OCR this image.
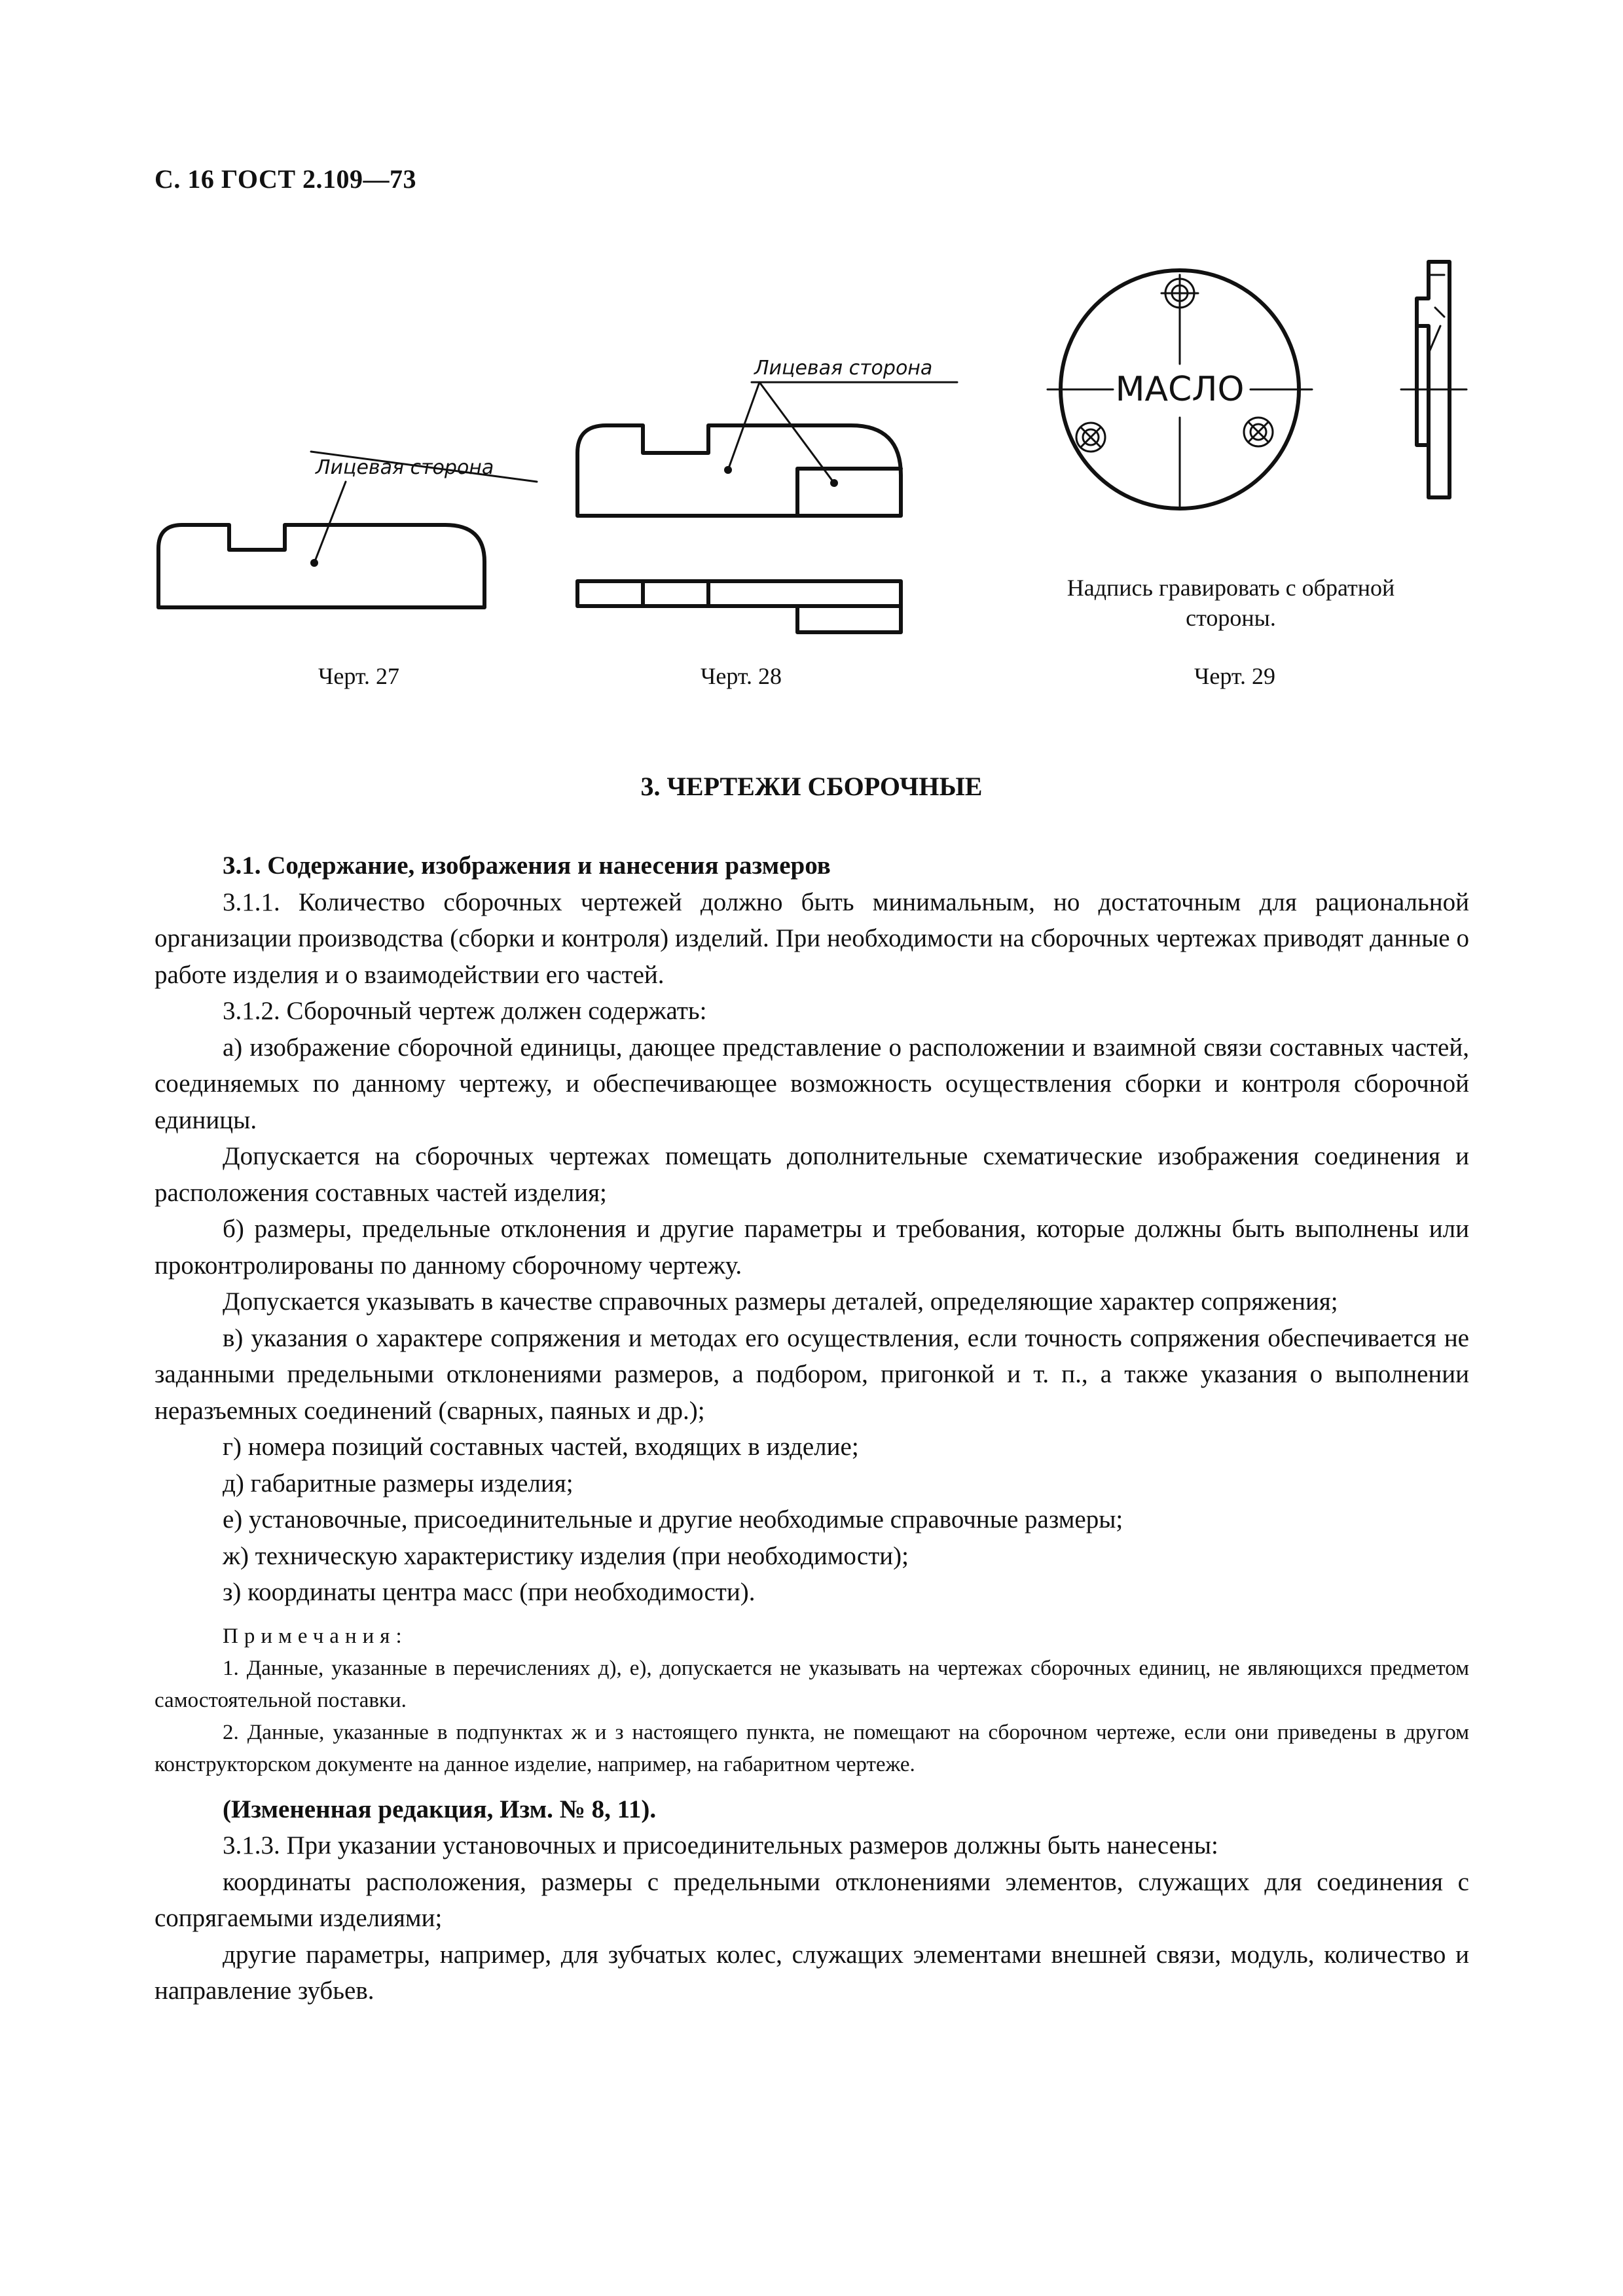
С. 16 ГОСТ 2.109—73
Лицевая сторона
Черт. 27
Лицевая сторона
Черт. 28
МАСЛО
Надпись гравировать с обратной стороны.
Черт. 29
3. ЧЕРТЕЖИ СБОРОЧНЫЕ

3.1. Содержание, изображения и нанесения размеров

3.1.1. Количество сборочных чертежей должно быть минимальным, но достаточным для рациональной организации производства (сборки и контроля) изделий. При необходимости на сборочных чертежах приводят данные о работе изделия и о взаимодействии его частей.

3.1.2. Сборочный чертеж должен содержать:

а) изображение сборочной единицы, дающее представление о расположении и взаимной связи составных частей, соединяемых по данному чертежу, и обеспечивающее возможность осуществления сборки и контроля сборочной единицы.

Допускается на сборочных чертежах помещать дополнительные схематические изображения соединения и расположения составных частей изделия;

б) размеры, предельные отклонения и другие параметры и требования, которые должны быть выполнены или проконтролированы по данному сборочному чертежу.

Допускается указывать в качестве справочных размеры деталей, определяющие характер сопряжения;

в) указания о характере сопряжения и методах его осуществления, если точность сопряжения обеспечивается не заданными предельными отклонениями размеров, а подбором, пригонкой и т. п., а также указания о выполнении неразъемных соединений (сварных, паяных и др.);

г) номера позиций составных частей, входящих в изделие;

д) габаритные размеры изделия;

е) установочные, присоединительные и другие необходимые справочные размеры;

ж) техническую характеристику изделия (при необходимости);

з) координаты центра масс (при необходимости).

Примечания:

1. Данные, указанные в перечислениях д), е), допускается не указывать на чертежах сборочных единиц, не являющихся предметом самостоятельной поставки.

2. Данные, указанные в подпунктах ж и з настоящего пункта, не помещают на сборочном чертеже, если они приведены в другом конструкторском документе на данное изделие, например, на габаритном чертеже.

(Измененная редакция, Изм. № 8, 11).

3.1.3. При указании установочных и присоединительных размеров должны быть нанесены:

координаты расположения, размеры с предельными отклонениями элементов, служащих для соединения с сопрягаемыми изделиями;

другие параметры, например, для зубчатых колес, служащих элементами внешней связи, модуль, количество и направление зубьев.
